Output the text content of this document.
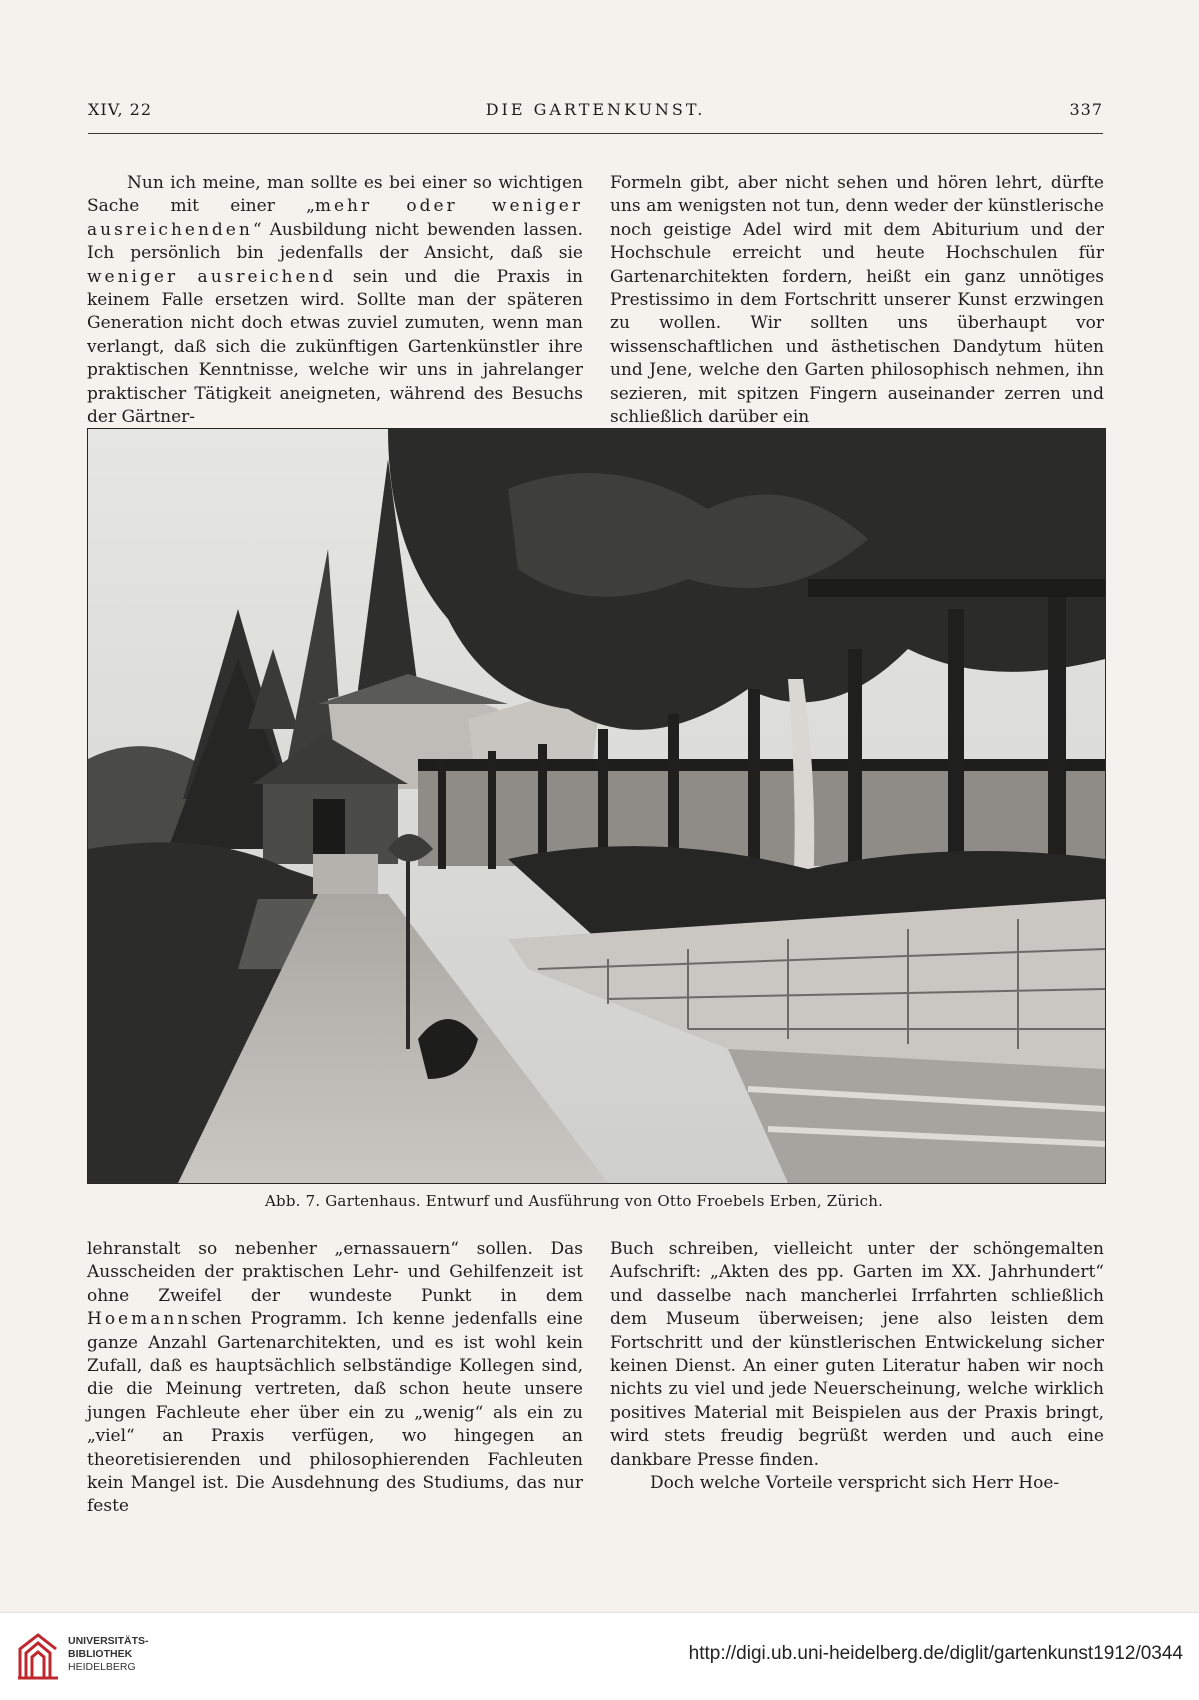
XIV, 22	DIE GARTENKUNST.	337

Nun ich meine, man sollte es bei einer so wichtigen Sache mit einer „mehr oder weniger ausreichenden“ Ausbildung nicht bewenden lassen. Ich persönlich bin jedenfalls der Ansicht, daß sie weniger ausreichend sein und die Praxis in keinem Falle ersetzen wird. Sollte man der späteren Generation nicht doch etwas zuviel zumuten, wenn man verlangt, daß sich die zukünftigen Gartenkünstler ihre praktischen Kenntnisse, welche wir uns in jahrelanger praktischer Tätigkeit aneigneten, während des Besuchs der Gärtner-

Formeln gibt, aber nicht sehen und hören lehrt, dürfte uns am wenigsten not tun, denn weder der künstlerische noch geistige Adel wird mit dem Abiturium und der Hochschule erreicht und heute Hochschulen für Gartenarchitekten fordern, heißt ein ganz unnötiges Prestissimo in dem Fortschritt unserer Kunst erzwingen zu wollen. Wir sollten uns überhaupt vor wissenschaftlichen und ästhetischen Dandytum hüten und Jene, welche den Garten philosophisch nehmen, ihn sezieren, mit spitzen Fingern auseinander zerren und schließlich darüber ein

Abb. 7. Gartenhaus. Entwurf und Ausführung von Otto Froebels Erben, Zürich.

lehranstalt so nebenher „ernassauern“ sollen. Das Ausscheiden der praktischen Lehr- und Gehilfenzeit ist ohne Zweifel der wundeste Punkt in dem Hoemannschen Programm. Ich kenne jedenfalls eine ganze Anzahl Gartenarchitekten, und es ist wohl kein Zufall, daß es hauptsächlich selbständige Kollegen sind, die die Meinung vertreten, daß schon heute unsere jungen Fachleute eher über ein zu „wenig“ als ein zu „viel“ an Praxis verfügen, wo hingegen an theoretisierenden und philosophierenden Fachleuten kein Mangel ist. Die Ausdehnung des Studiums, das nur feste

Buch schreiben, vielleicht unter der schöngemalten Aufschrift: „Akten des pp. Garten im XX. Jahrhundert“ und dasselbe nach mancherlei Irrfahrten schließlich dem Museum überweisen; jene also leisten dem Fortschritt und der künstlerischen Entwickelung sicher keinen Dienst. An einer guten Literatur haben wir noch nichts zu viel und jede Neuerscheinung, welche wirklich positives Material mit Beispielen aus der Praxis bringt, wird stets freudig begrüßt werden und auch eine dankbare Presse finden.

Doch welche Vorteile verspricht sich Herr Hoe-

UNIVERSITÄTS-
BIBLIOTHEK
HEIDELBERG
http://digi.ub.uni-heidelberg.de/diglit/gartenkunst1912/0344
